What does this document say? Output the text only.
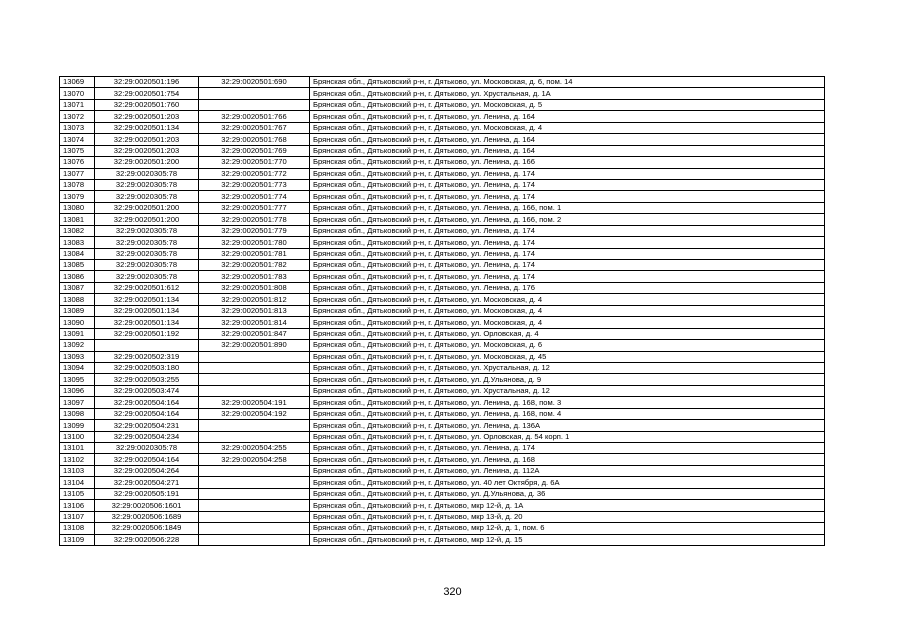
13069	32:29:0020501:196	32:29:0020501:690	Брянская обл., Дятьковский р-н, г. Дятьково, ул. Московская, д. 6, пом. 14
13070	32:29:0020501:754		Брянская обл., Дятьковский р-н, г. Дятьково, ул. Хрустальная, д. 1А
13071	32:29:0020501:760		Брянская обл., Дятьковский р-н, г. Дятьково, ул. Московская, д. 5
13072	32:29:0020501:203	32:29:0020501:766	Брянская обл., Дятьковский р-н, г. Дятьково, ул. Ленина, д. 164
13073	32:29:0020501:134	32:29:0020501:767	Брянская обл., Дятьковский р-н, г. Дятьково, ул. Московская, д. 4
13074	32:29:0020501:203	32:29:0020501:768	Брянская обл., Дятьковский р-н, г. Дятьково, ул. Ленина, д. 164
13075	32:29:0020501:203	32:29:0020501:769	Брянская обл., Дятьковский р-н, г. Дятьково, ул. Ленина, д. 164
13076	32:29:0020501:200	32:29:0020501:770	Брянская обл., Дятьковский р-н, г. Дятьково, ул. Ленина, д. 166
13077	32:29:0020305:78	32:29:0020501:772	Брянская обл., Дятьковский р-н, г. Дятьково, ул. Ленина, д. 174
13078	32:29:0020305:78	32:29:0020501:773	Брянская обл., Дятьковский р-н, г. Дятьково, ул. Ленина, д. 174
13079	32:29:0020305:78	32:29:0020501:774	Брянская обл., Дятьковский р-н, г. Дятьково, ул. Ленина, д. 174
13080	32:29:0020501:200	32:29:0020501:777	Брянская обл., Дятьковский р-н, г. Дятьково, ул. Ленина, д. 166, пом. 1
13081	32:29:0020501:200	32:29:0020501:778	Брянская обл., Дятьковский р-н, г. Дятьково, ул. Ленина, д. 166, пом. 2
13082	32:29:0020305:78	32:29:0020501:779	Брянская обл., Дятьковский р-н, г. Дятьково, ул. Ленина, д. 174
13083	32:29:0020305:78	32:29:0020501:780	Брянская обл., Дятьковский р-н, г. Дятьково, ул. Ленина, д. 174
13084	32:29:0020305:78	32:29:0020501:781	Брянская обл., Дятьковский р-н, г. Дятьково, ул. Ленина, д. 174
13085	32:29:0020305:78	32:29:0020501:782	Брянская обл., Дятьковский р-н, г. Дятьково, ул. Ленина, д. 174
13086	32:29:0020305:78	32:29:0020501:783	Брянская обл., Дятьковский р-н, г. Дятьково, ул. Ленина, д. 174
13087	32:29:0020501:612	32:29:0020501:808	Брянская обл., Дятьковский р-н, г. Дятьково, ул. Ленина, д. 176
13088	32:29:0020501:134	32:29:0020501:812	Брянская обл., Дятьковский р-н, г. Дятьково, ул. Московская, д. 4
13089	32:29:0020501:134	32:29:0020501:813	Брянская обл., Дятьковский р-н, г. Дятьково, ул. Московская, д. 4
13090	32:29:0020501:134	32:29:0020501:814	Брянская обл., Дятьковский р-н, г. Дятьково, ул. Московская, д. 4
13091	32:29:0020501:192	32:29:0020501:847	Брянская обл., Дятьковский р-н, г. Дятьково, ул. Орловская, д. 4
13092		32:29:0020501:890	Брянская обл., Дятьковский р-н, г. Дятьково, ул. Московская, д. 6
13093	32:29:0020502:319		Брянская обл., Дятьковский р-н, г. Дятьково, ул. Московская, д. 45
13094	32:29:0020503:180		Брянская обл., Дятьковский р-н, г. Дятьково, ул. Хрустальная, д. 12
13095	32:29:0020503:255		Брянская обл., Дятьковский р-н, г. Дятьково, ул. Д.Ульянова, д. 9
13096	32:29:0020503:474		Брянская обл., Дятьковский р-н, г. Дятьково, ул. Хрустальная, д. 12
13097	32:29:0020504:164	32:29:0020504:191	Брянская обл., Дятьковский р-н, г. Дятьково, ул. Ленина, д. 168, пом. 3
13098	32:29:0020504:164	32:29:0020504:192	Брянская обл., Дятьковский р-н, г. Дятьково, ул. Ленина, д. 168, пом. 4
13099	32:29:0020504:231		Брянская обл., Дятьковский р-н, г. Дятьково, ул. Ленина, д. 136А
13100	32:29:0020504:234		Брянская обл., Дятьковский р-н, г. Дятьково, ул. Орловская, д. 54 корп. 1
13101	32:29:0020305:78	32:29:0020504:255	Брянская обл., Дятьковский р-н, г. Дятьково, ул. Ленина, д. 174
13102	32:29:0020504:164	32:29:0020504:258	Брянская обл., Дятьковский р-н, г. Дятьково, ул. Ленина, д. 168
13103	32:29:0020504:264		Брянская обл., Дятьковский р-н, г. Дятьково, ул. Ленина, д. 112А
13104	32:29:0020504:271		Брянская обл., Дятьковский р-н, г. Дятьково, ул. 40 лет Октября, д. 6А
13105	32:29:0020505:191		Брянская обл., Дятьковский р-н, г. Дятьково, ул. Д.Ульянова, д. 36
13106	32:29:0020506:1601		Брянская обл., Дятьковский р-н, г. Дятьково, мкр 12-й, д. 1А
13107	32:29:0020506:1689		Брянская обл., Дятьковский р-н, г. Дятьково, мкр 13-й, д. 20
13108	32:29:0020506:1849		Брянская обл., Дятьковский р-н, г. Дятьково, мкр 12-й, д. 1, пом. 6
13109	32:29:0020506:228		Брянская обл., Дятьковский р-н, г. Дятьково, мкр 12-й, д. 15
320
